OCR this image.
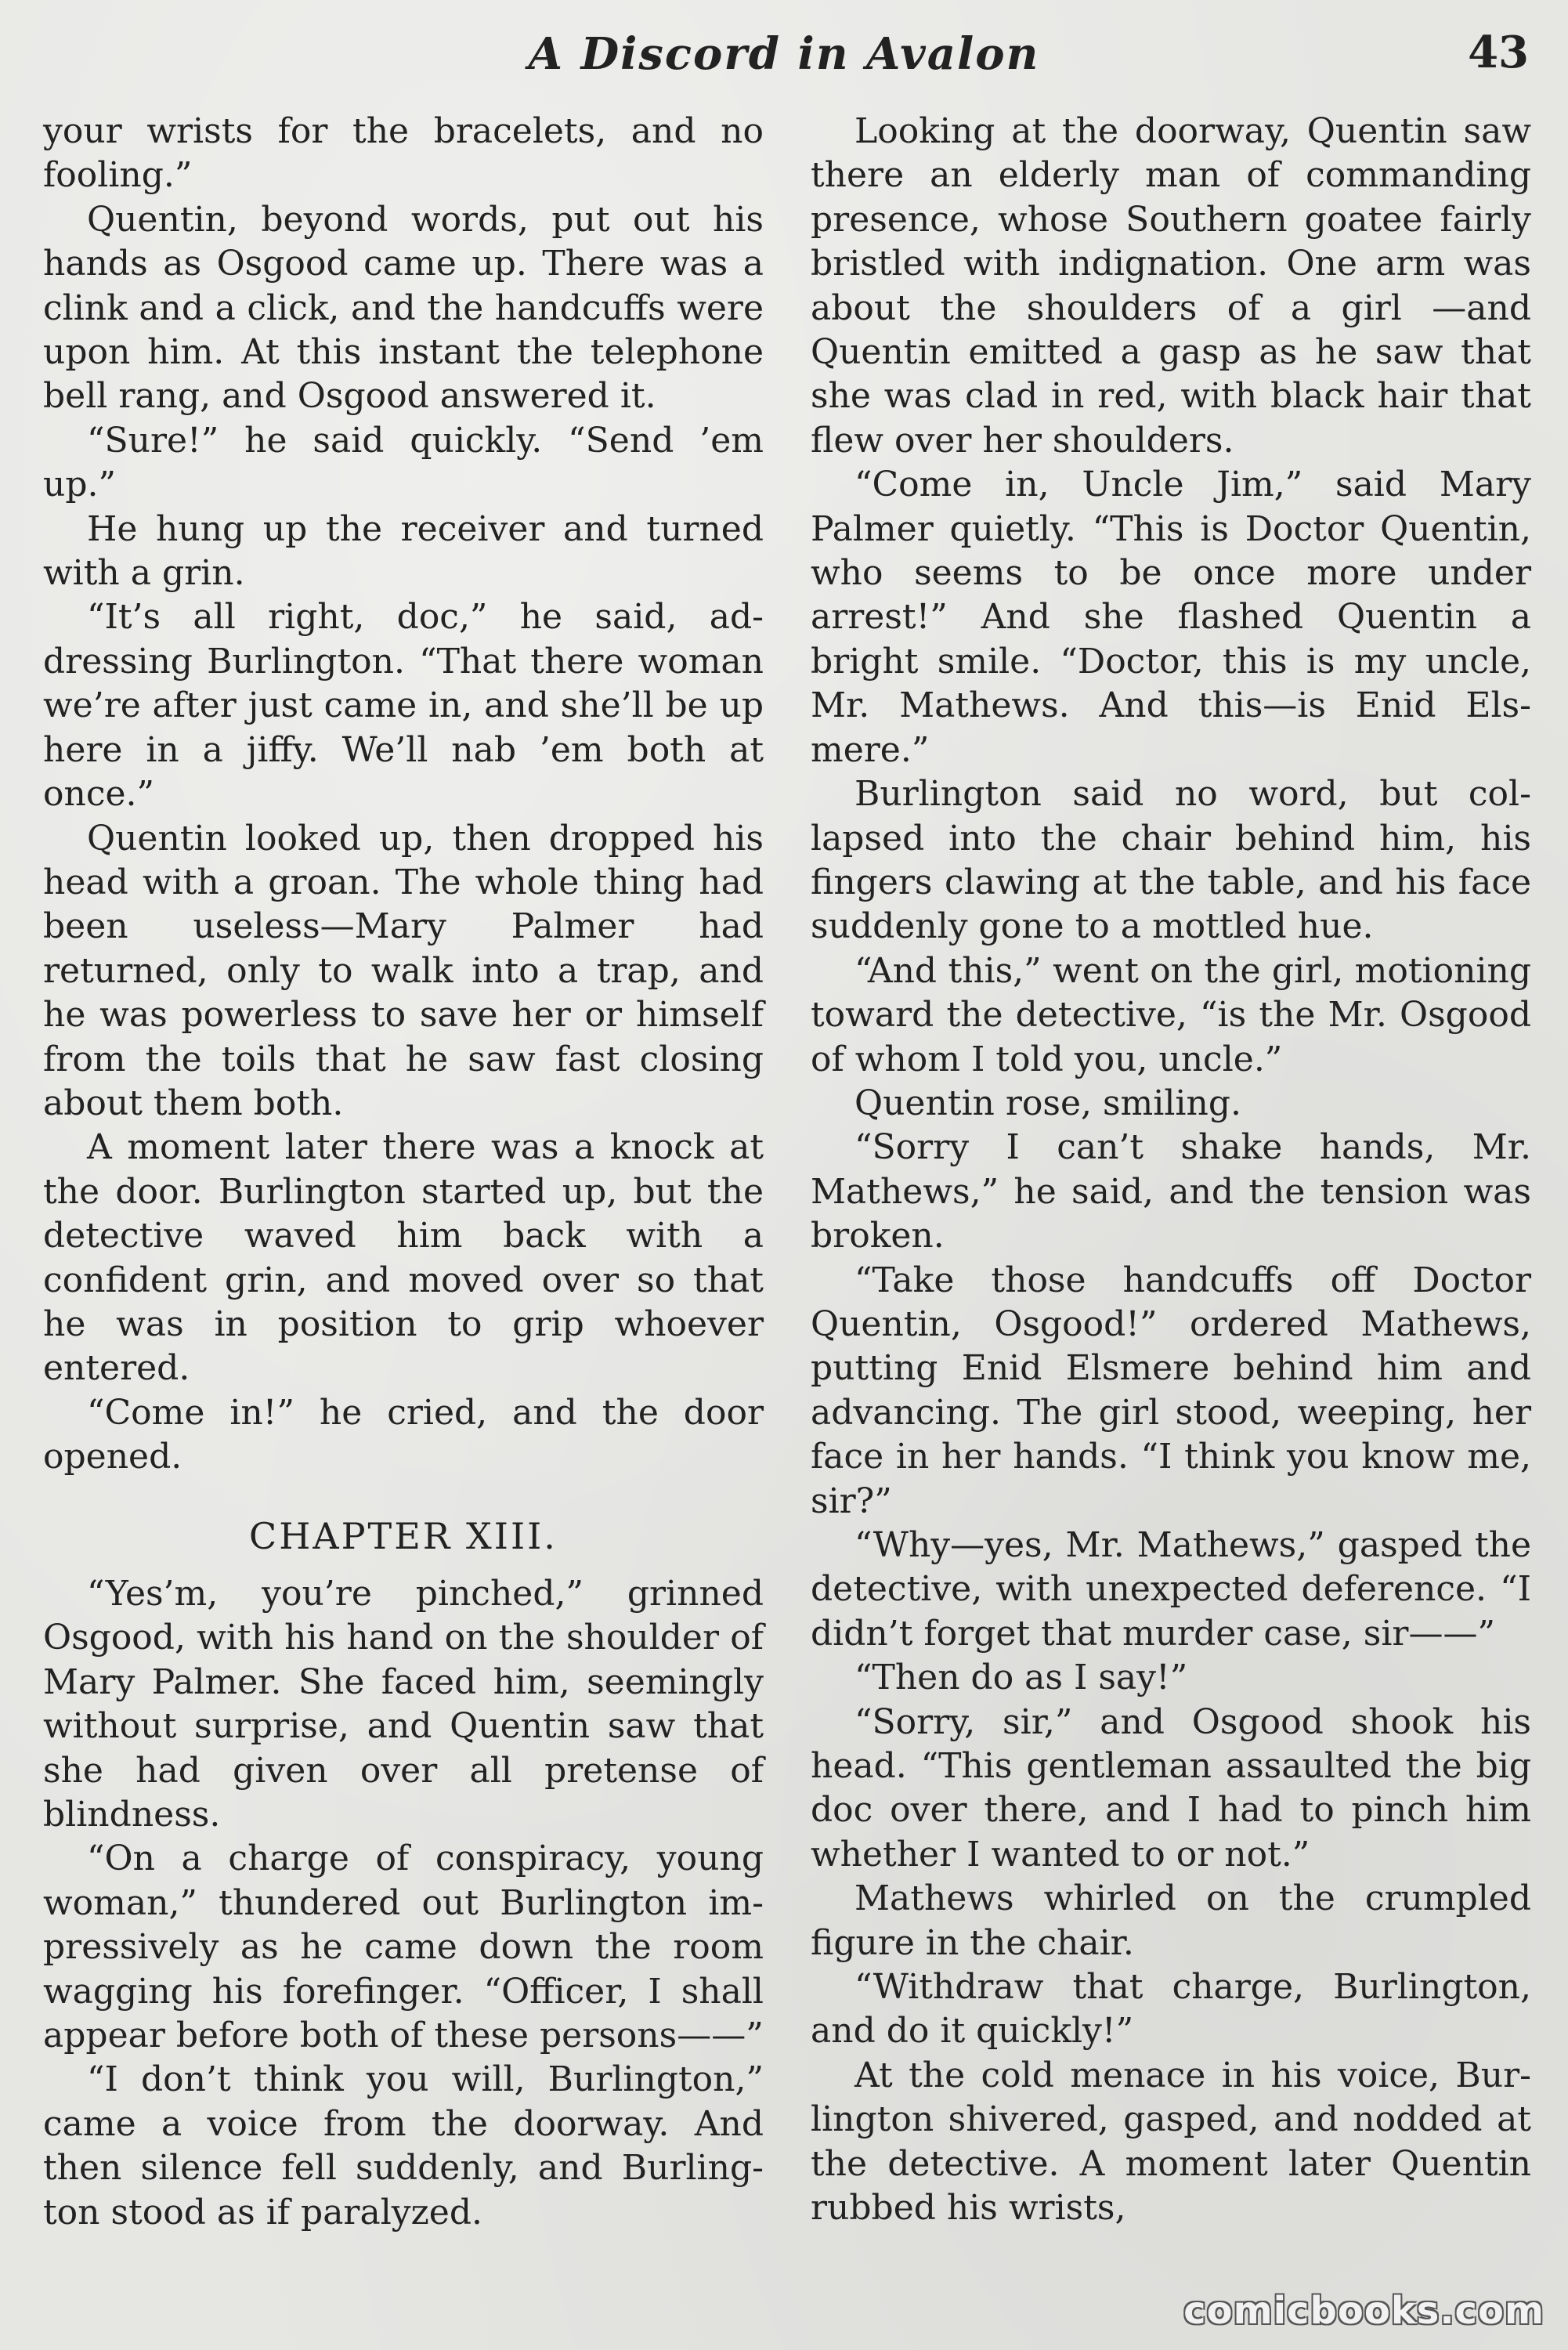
A Discord in Avalon	43

your wrists for the bracelets, and no fooling.”

Quentin, beyond words, put out his hands as Osgood came up. There was a clink and a click, and the handcuffs were upon him. At this instant the telephone bell rang, and Osgood answered it.

“Sure!” he said quickly. “Send ’em up.”

He hung up the receiver and turned with a grin.

“It’s all right, doc,” he said, addressing Burlington. “That there woman we’re after just came in, and she’ll be up here in a jiffy. We’ll nab ’em both at once.”

Quentin looked up, then dropped his head with a groan. The whole thing had been useless—Mary Palmer had returned, only to walk into a trap, and he was powerless to save her or himself from the toils that he saw fast closing about them both.

A moment later there was a knock at the door. Burlington started up, but the detective waved him back with a confident grin, and moved over so that he was in position to grip whoever entered.

“Come in!” he cried, and the door opened.

CHAPTER XIII.

“Yes’m, you’re pinched,” grinned Osgood, with his hand on the shoulder of Mary Palmer. She faced him, seemingly without surprise, and Quentin saw that she had given over all pretense of blindness.

“On a charge of conspiracy, young woman,” thundered out Burlington impressively as he came down the room wagging his forefinger. “Officer, I shall appear before both of these persons——”

“I don’t think you will, Burlington,” came a voice from the doorway. And then silence fell suddenly, and Burlington stood as if paralyzed.

Looking at the doorway, Quentin saw there an elderly man of commanding presence, whose Southern goatee fairly bristled with indignation. One arm was about the shoulders of a girl —and Quentin emitted a gasp as he saw that she was clad in red, with black hair that flew over her shoulders.

“Come in, Uncle Jim,” said Mary Palmer quietly. “This is Doctor Quentin, who seems to be once more under arrest!” And she flashed Quentin a bright smile. “Doctor, this is my uncle, Mr. Mathews. And this—is Enid Elsmere.”

Burlington said no word, but collapsed into the chair behind him, his fingers clawing at the table, and his face suddenly gone to a mottled hue.

“And this,” went on the girl, motioning toward the detective, “is the Mr. Osgood of whom I told you, uncle.”

Quentin rose, smiling.

“Sorry I can’t shake hands, Mr. Mathews,” he said, and the tension was broken.

“Take those handcuffs off Doctor Quentin, Osgood!” ordered Mathews, putting Enid Elsmere behind him and advancing. The girl stood, weeping, her face in her hands. “I think you know me, sir?”

“Why—yes, Mr. Mathews,” gasped the detective, with unexpected deference. “I didn’t forget that murder case, sir——”

“Then do as I say!”

“Sorry, sir,” and Osgood shook his head. “This gentleman assaulted the big doc over there, and I had to pinch him whether I wanted to or not.”

Mathews whirled on the crumpled figure in the chair.

“Withdraw that charge, Burlington, and do it quickly!”

At the cold menace in his voice, Burlington shivered, gasped, and nodded at the detective. A moment later Quentin rubbed his wrists,

comicbooks.com
